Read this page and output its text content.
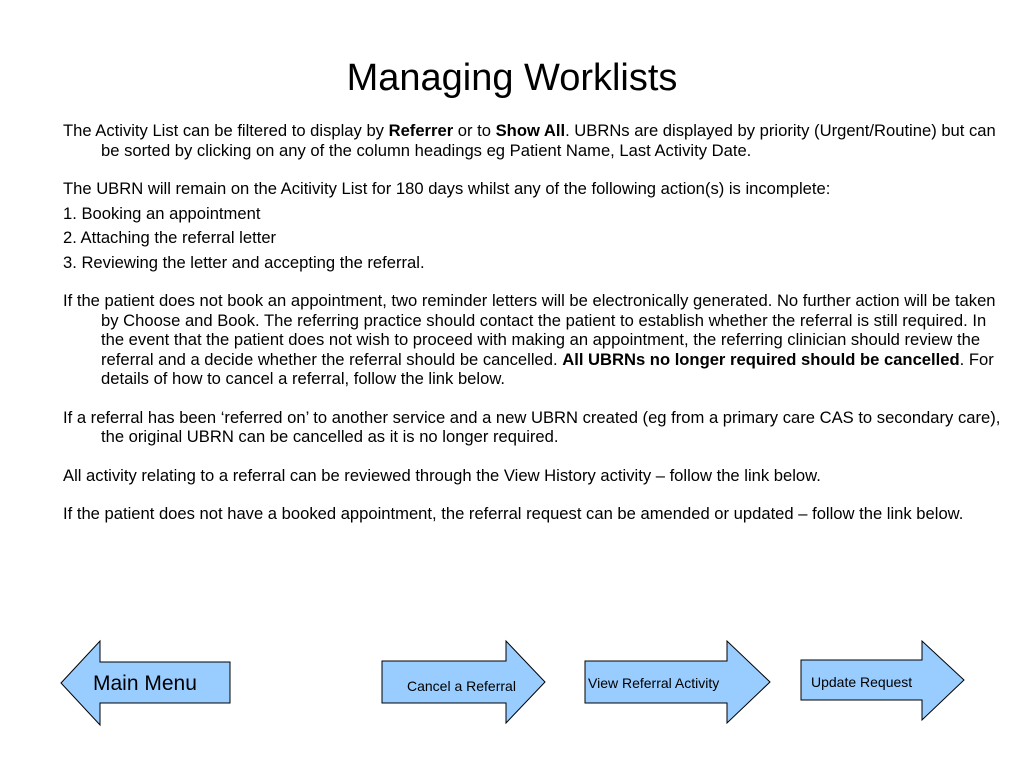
Managing Worklists

The Activity List can be filtered to display by Referrer or to Show All. UBRNs are displayed by priority (Urgent/Routine) but can be sorted by clicking on any of the column headings eg Patient Name, Last Activity Date.

The UBRN will remain on the Acitivity List for 180 days whilst any of the following action(s) is incomplete:

1. Booking an appointment
2. Attaching the referral letter
3. Reviewing the letter and accepting the referral.

If the patient does not book an appointment, two reminder letters will be electronically generated. No further action will be taken by Choose and Book. The referring practice should contact the patient to establish whether the referral is still required. In the event that the patient does not wish to proceed with making an appointment, the referring clinician should review the referral and a decide whether the referral should be cancelled. All UBRNs no longer required should be cancelled. For details of how to cancel a referral, follow the link below.

If a referral has been ‘referred on’ to another service and a new UBRN created (eg from a primary care CAS to secondary care), the original UBRN can be cancelled as it is no longer required.

All activity relating to a referral can be reviewed through the View History activity – follow the link below.

If the patient does not have a booked appointment, the referral request can be amended or updated – follow the link below.

Main Menu	Cancel a Referral	View Referral Activity	Update Request
